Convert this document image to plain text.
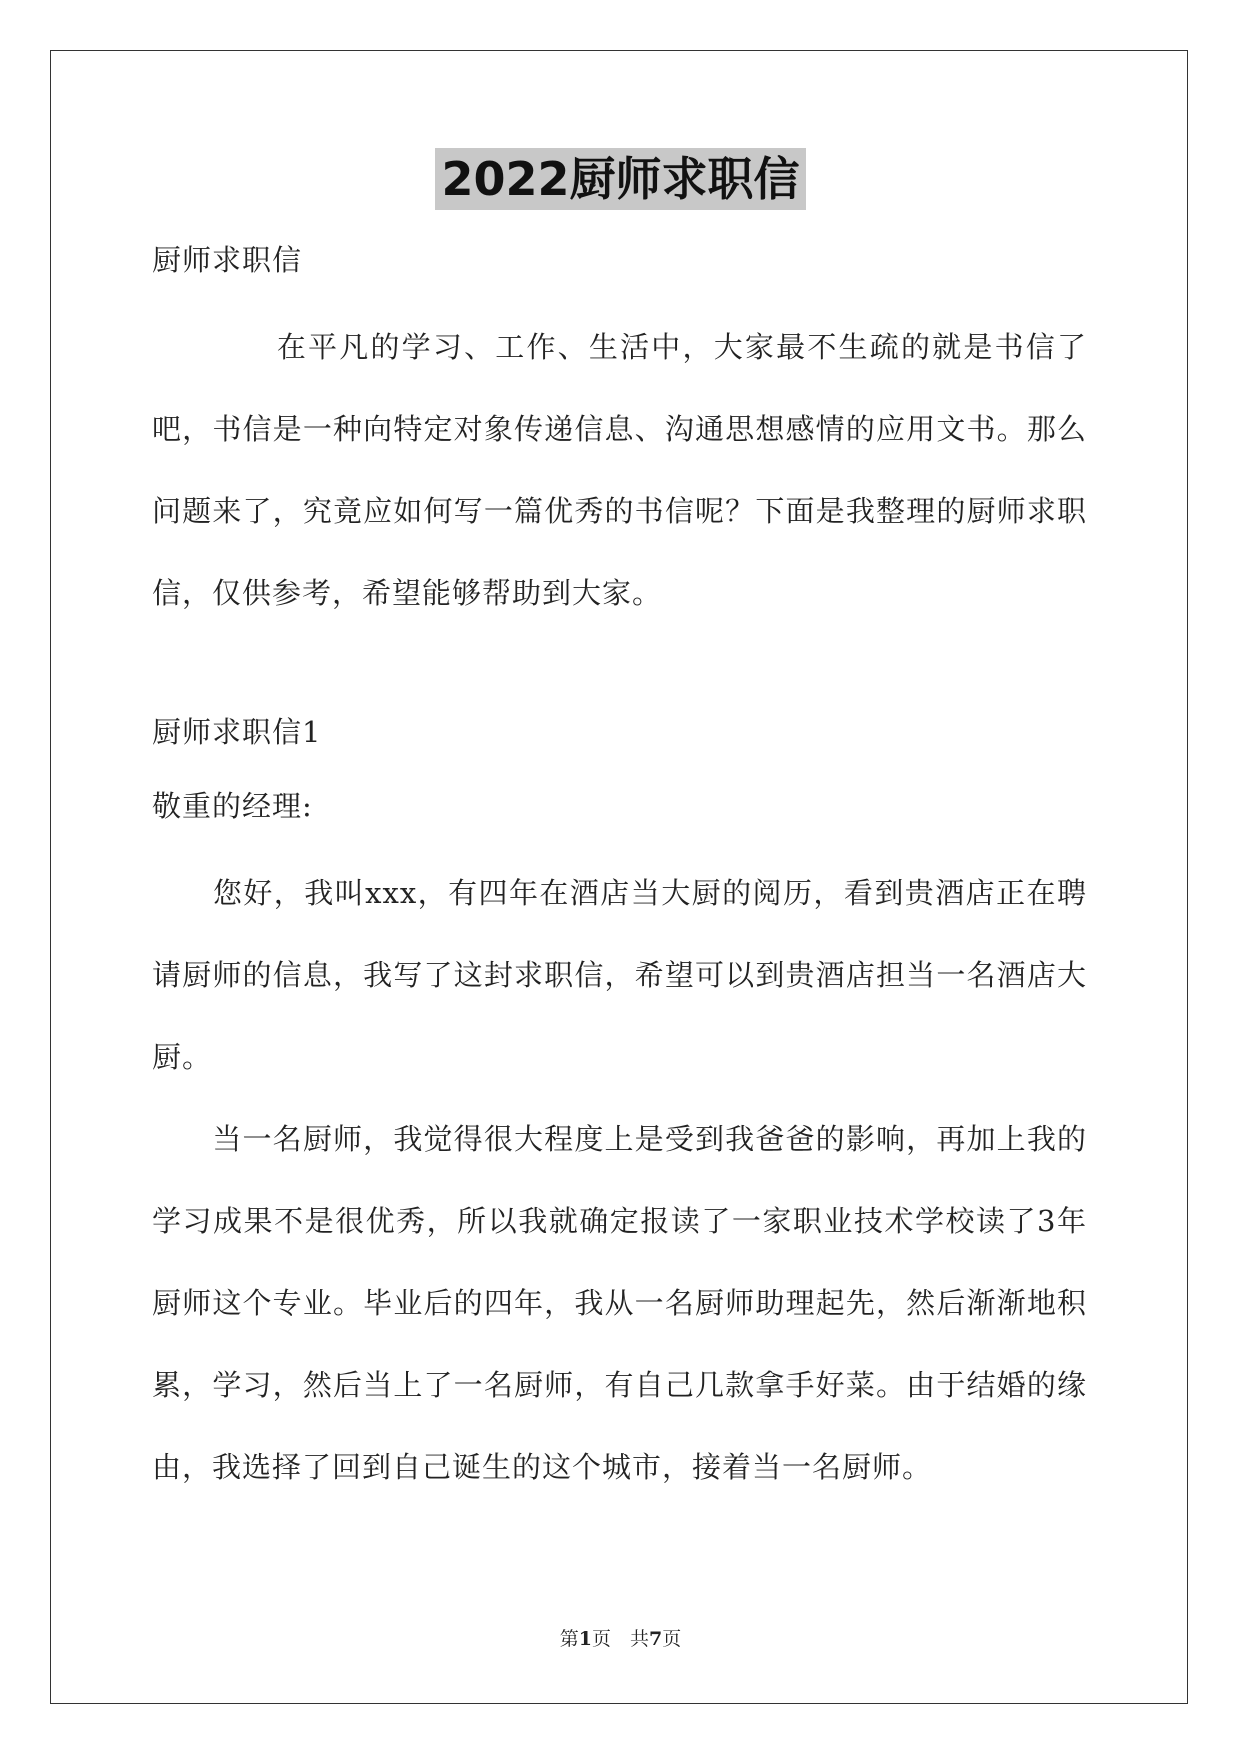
2022厨师求职信

厨师求职信

　　　　在平凡的学习、工作、生活中，大家最不生疏的就是书信了吧，书信是一种向特定对象传递信息、沟通思想感情的应用文书。那么问题来了，究竟应如何写一篇优秀的书信呢？下面是我整理的厨师求职信，仅供参考，希望能够帮助到大家。

厨师求职信1

敬重的经理:

　　您好，我叫xxx，有四年在酒店当大厨的阅历，看到贵酒店正在聘请厨师的信息，我写了这封求职信，希望可以到贵酒店担当一名酒店大厨。

　　当一名厨师，我觉得很大程度上是受到我爸爸的影响，再加上我的学习成果不是很优秀，所以我就确定报读了一家职业技术学校读了3年厨师这个专业。毕业后的四年，我从一名厨师助理起先，然后渐渐地积累，学习，然后当上了一名厨师，有自己几款拿手好菜。由于结婚的缘由，我选择了回到自己诞生的这个城市，接着当一名厨师。

第1页　共7页
